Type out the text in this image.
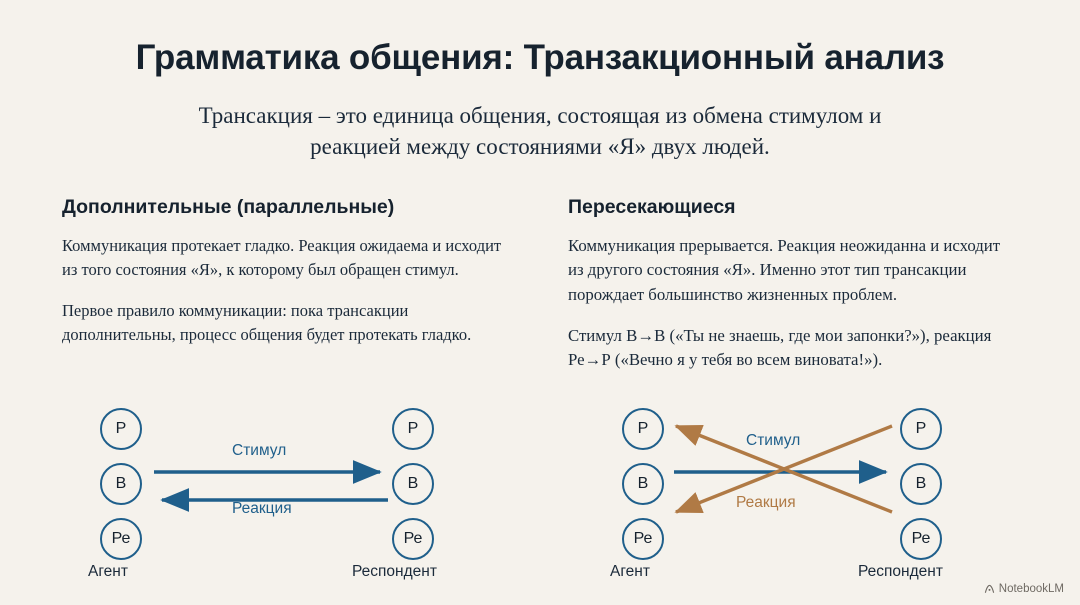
Грамматика общения: Транзакционный анализ

Трансакция – это единица общения, состоящая из обмена стимулом и реакцией между состояниями «Я» двух людей.

Дополнительные (параллельные)

Коммуникация протекает гладко. Реакция ожидаема и исходит из того состояния «Я», к которому был обращен стимул.

Первое правило коммуникации: пока трансакции дополнительны, процесс общения будет протекать гладко.

Пересекающиеся

Коммуникация прерывается. Реакция неожиданна и исходит из другого состояния «Я». Именно этот тип трансакции порождает большинство жизненных проблем.

Стимул В→В («Ты не знаешь, где мои запонки?»), реакция Ре→Р («Вечно я у тебя во всем виновата!»).

Р
В
Ре
Р
В
Ре
Стимул
Реакция
Агент	Респондент
Р
В
Ре
Р
В
Ре
Стимул
Реакция
Агент	Респондент
NotebookLM
